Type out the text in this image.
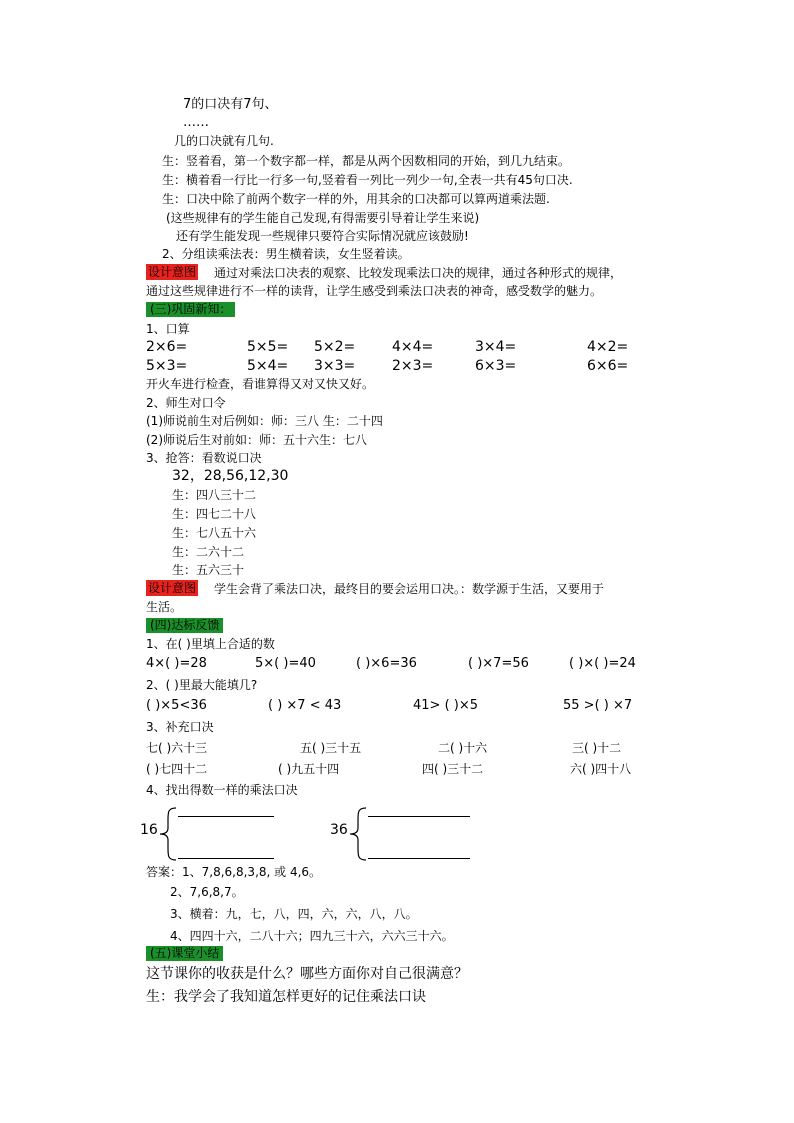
7的口决有7句、
……
几的口决就有几句.
生：竖着看，第一个数字都一样，都是从两个因数相同的开始，到几九结束。
生：横着看一行比一行多一句,竖着看一列比一列少一句,全表一共有45句口决.
生：口决中除了前两个数字一样的外，用其余的口决都可以算两道乘法题.
(这些规律有的学生能自己发现,有得需要引导着让学生来说)
还有学生能发现一些规律只要符合实际情况就应该鼓励!
2、分组读乘法表：男生横着读，女生竖着读。
设计意图 通过对乘法口决表的观察、比较发现乘法口决的规律，通过各种形式的规律，
通过这些规律进行不一样的读背，让学生感受到乘法口决表的神奇，感受数学的魅力。
(三)巩固新知：
1、口算
2×6=	5×5= 5×2=	4×4=	3×4=	4×2=
5×3=	5×4= 3×3=	2×3=	6×3=	6×6=
开火车进行检查，看谁算得又对又快又好。
2、师生对口令
(1)师说前生对后例如：师：三八 生：二十四
(2)师说后生对前如：师：五十六生：七八
3、抢答：看数说口决
32，28,56,12,30
生：四八三十二
生：四七二十八
生：七八五十六
生：二六十二
生：五六三十
设计意图 学生会背了乘法口决，最终目的要会运用口决。：数学源于生活，又要用于
生活。
(四)达标反馈
1、在( )里填上合适的数
4×( )=28	5×( )=40	( )×6=36	( )×7=56	( )×( )=24
2、( )里最大能填几?
( )×5<36	( ) ×7 < 43	41> ( )×5	55 >( ) ×7
3、补充口决
七( )六十三	五( )三十五	二( )十六	三( )十二
( )七四十二	( )九五十四	四( )三十二	六( )四十八
4、找出得数一样的乘法口决
16	36
答案：1、7,8,6,8,3,8, 或 4,6。
2、7,6,8,7。
3、横着：九，七，八，四，六，六，八，八。
4、四四十六，二八十六；四九三十六，六六三十六。
(五)课堂小结
这节课你的收获是什么？哪些方面你对自己很满意？
生：我学会了我知道怎样更好的记住乘法口诀
